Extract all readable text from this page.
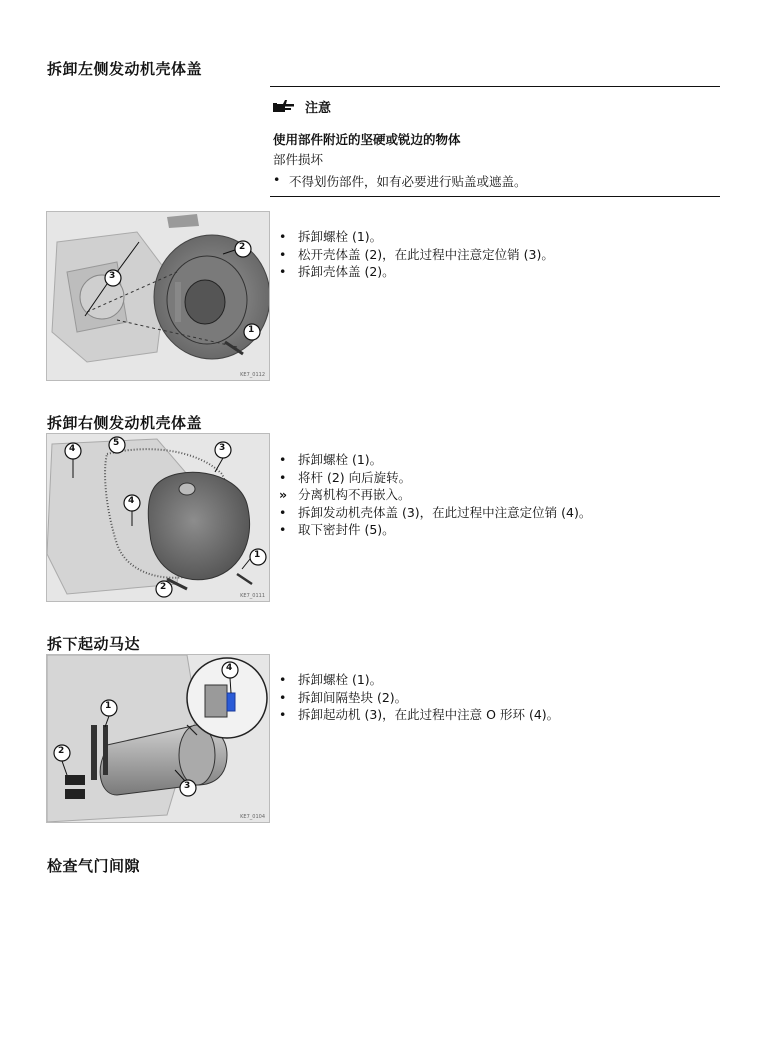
拆卸左侧发动机壳体盖
注意
使用部件附近的坚硬或锐边的物体
部件损坏
• 不得划伤部件，如有必要进行贴盖或遮盖。
3
2
1
KE7_0112
• 拆卸螺栓 (1)。
• 松开壳体盖 (2)，在此过程中注意定位销 (3)。
• 拆卸壳体盖 (2)。
拆卸右侧发动机壳体盖
4
5	3
4
1
2
KE7_0111
• 拆卸螺栓 (1)。
• 将杆 (2) 向后旋转。
» 分离机构不再嵌入。
• 拆卸发动机壳体盖 (3)，在此过程中注意定位销 (4)。
• 取下密封件 (5)。
拆下起动马达
4
1
2
3
KE7_0104
• 拆卸螺栓 (1)。
• 拆卸间隔垫块 (2)。
• 拆卸起动机 (3)，在此过程中注意 O 形环 (4)。
检查气门间隙
